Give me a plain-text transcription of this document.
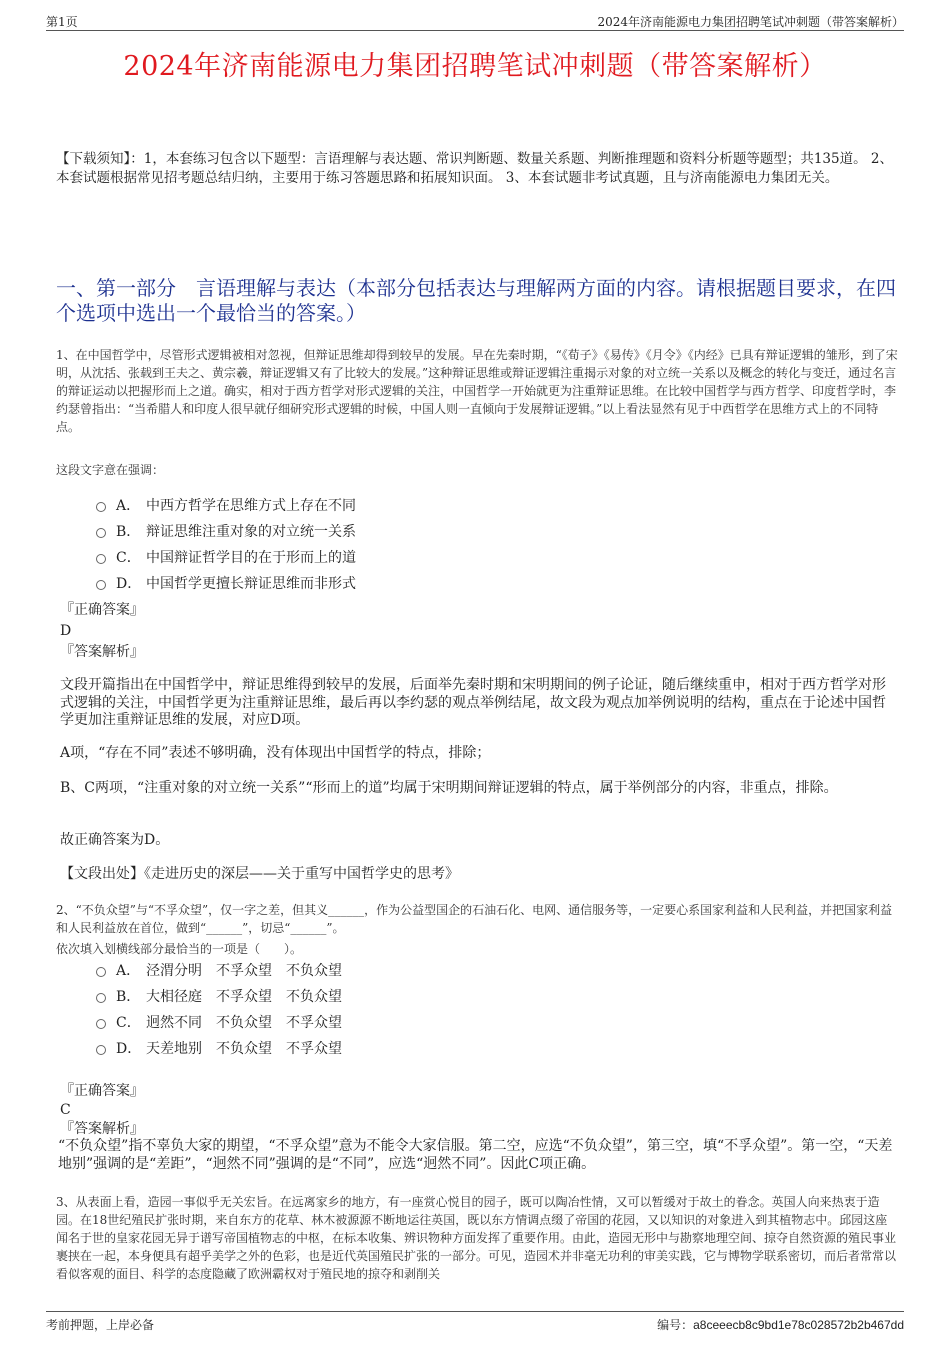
第1页	2024年济南能源电力集团招聘笔试冲刺题（带答案解析）
2024年济南能源电力集团招聘笔试冲刺题（带答案解析）
【下载须知】：1，本套练习包含以下题型：言语理解与表达题、常识判断题、数量关系题、判断推理题和资料分析题等题型；共135道。 2、本套试题根据常见招考题总结归纳，主要用于练习答题思路和拓展知识面。 3、本套试题非考试真题，且与济南能源电力集团无关。
一、第一部分　言语理解与表达（本部分包括表达与理解两方面的内容。请根据题目要求，在四个选项中选出一个最恰当的答案。）
1、在中国哲学中，尽管形式逻辑被相对忽视，但辩证思维却得到较早的发展。早在先秦时期，“《荀子》《易传》《月令》《内经》已具有辩证逻辑的雏形，到了宋明，从沈括、张载到王夫之、黄宗羲，辩证逻辑又有了比较大的发展。”这种辩证思维或辩证逻辑注重揭示对象的对立统一关系以及概念的转化与变迁，通过名言的辩证运动以把握形而上之道。确实，相对于西方哲学对形式逻辑的关注，中国哲学一开始就更为注重辩证思维。在比较中国哲学与西方哲学、印度哲学时，李约瑟曾指出：“当希腊人和印度人很早就仔细研究形式逻辑的时候，中国人则一直倾向于发展辩证逻辑。”以上看法显然有见于中西哲学在思维方式上的不同特点。
这段文字意在强调：
A． 中西方哲学在思维方式上存在不同
B． 辩证思维注重对象的对立统一关系
C． 中国辩证哲学目的在于形而上的道
D． 中国哲学更擅长辩证思维而非形式
『正确答案』
D
『答案解析』
文段开篇指出在中国哲学中，辩证思维得到较早的发展，后面举先秦时期和宋明期间的例子论证，随后继续重申，相对于西方哲学对形式逻辑的关注，中国哲学更为注重辩证思维，最后再以李约瑟的观点举例结尾，故文段为观点加举例说明的结构，重点在于论述中国哲学更加注重辩证思维的发展，对应D项。
A项，“存在不同”表述不够明确，没有体现出中国哲学的特点，排除；
B、C两项，“注重对象的对立统一关系”“形而上的道”均属于宋明期间辩证逻辑的特点，属于举例部分的内容，非重点，排除。
故正确答案为D。
【文段出处】《走进历史的深层——关于重写中国哲学史的思考》
2、“不负众望”与“不孚众望”，仅一字之差，但其义______，作为公益型国企的石油石化、电网、通信服务等，一定要心系国家利益和人民利益，并把国家利益和人民利益放在首位，做到“______”，切忌“______”。
依次填入划横线部分最恰当的一项是（　　）。
A． 泾渭分明　不孚众望　不负众望
B． 大相径庭　不孚众望　不负众望
C． 迥然不同　不负众望　不孚众望
D． 天差地别　不负众望　不孚众望
『正确答案』
C
『答案解析』
“不负众望”指不辜负大家的期望，“不孚众望”意为不能令大家信服。第二空，应选“不负众望”，第三空，填“不孚众望”。第一空，“天差地别”强调的是“差距”，“迥然不同”强调的是“不同”，应选“迥然不同”。因此C项正确。
3、从表面上看，造园一事似乎无关宏旨。在远离家乡的地方，有一座赏心悦目的园子，既可以陶冶性情，又可以暂缓对于故土的眷念。英国人向来热衷于造园。在18世纪殖民扩张时期，来自东方的花草、林木被源源不断地运往英国，既以东方情调点缀了帝国的花园，又以知识的对象进入到其植物志中。邱园这座闻名于世的皇家花园无异于谱写帝国植物志的中枢，在标本收集、辨识物种方面发挥了重要作用。由此，造园无形中与勘察地理空间、掠夺自然资源的殖民事业裹挟在一起，本身便具有超乎美学之外的色彩，也是近代英国殖民扩张的一部分。可见，造园术并非毫无功利的审美实践，它与博物学联系密切，而后者常常以看似客观的面目、科学的态度隐藏了欧洲霸权对于殖民地的掠夺和剥削关
考前押题，上岸必备	编号：a8ceeecb8c9bd1e78c028572b2b467dd
